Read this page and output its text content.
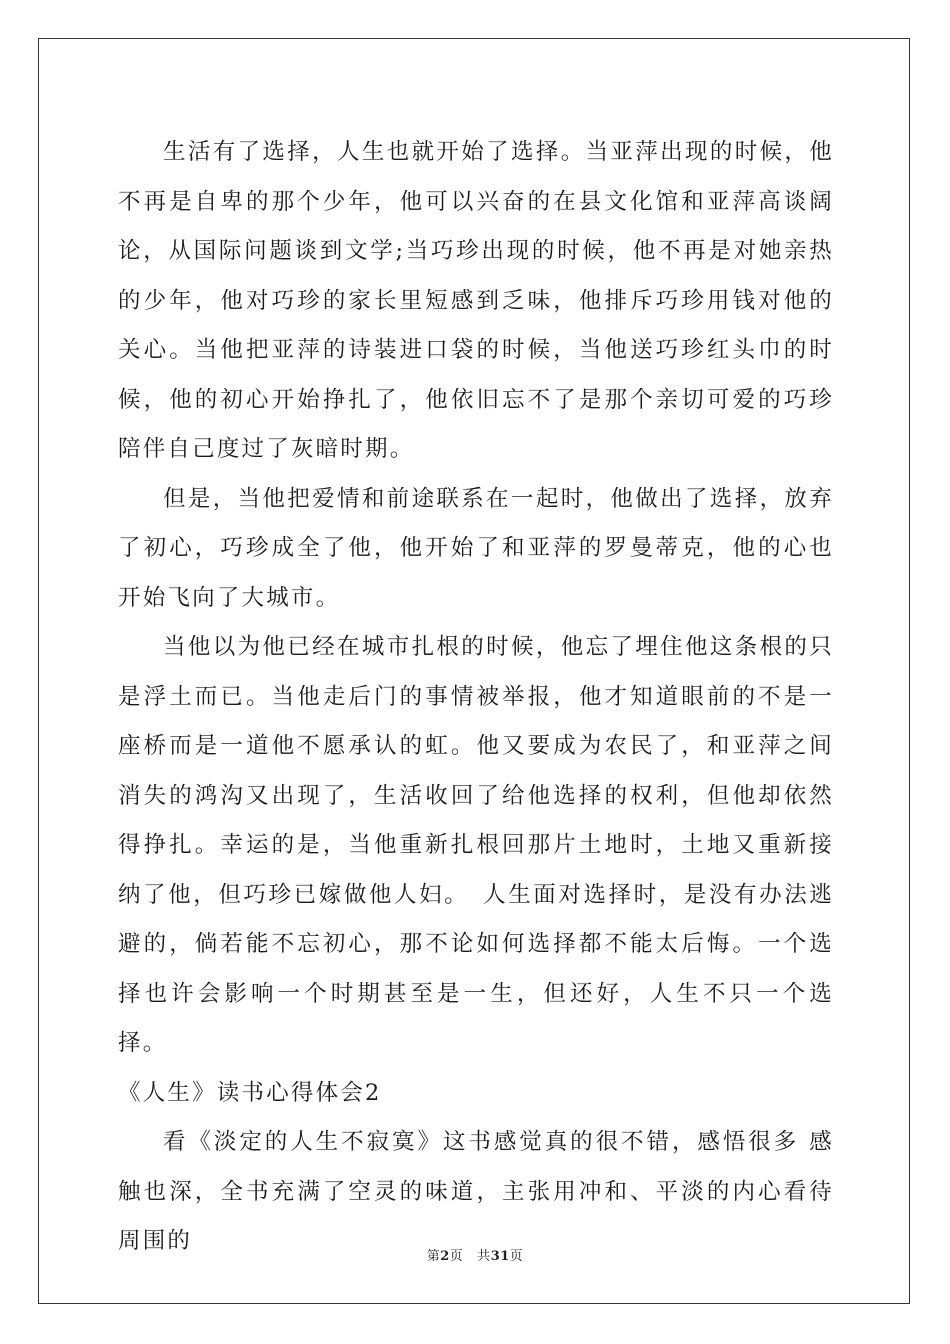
生活有了选择，人生也就开始了选择。当亚萍出现的时候，他不再是自卑的那个少年，他可以兴奋的在县文化馆和亚萍高谈阔论，从国际问题谈到文学;当巧珍出现的时候，他不再是对她亲热的少年，他对巧珍的家长里短感到乏味，他排斥巧珍用钱对他的关心。当他把亚萍的诗装进口袋的时候，当他送巧珍红头巾的时候，他的初心开始挣扎了，他依旧忘不了是那个亲切可爱的巧珍陪伴自己度过了灰暗时期。

但是，当他把爱情和前途联系在一起时，他做出了选择，放弃了初心，巧珍成全了他，他开始了和亚萍的罗曼蒂克，他的心也开始飞向了大城市。

当他以为他已经在城市扎根的时候，他忘了埋住他这条根的只是浮土而已。当他走后门的事情被举报，他才知道眼前的不是一座桥而是一道他不愿承认的虹。他又要成为农民了，和亚萍之间消失的鸿沟又出现了，生活收回了给他选择的权利，但他却依然得挣扎。幸运的是，当他重新扎根回那片土地时，土地又重新接纳了他，但巧珍已嫁做他人妇。　人生面对选择时，是没有办法逃避的，倘若能不忘初心，那不论如何选择都不能太后悔。一个选择也许会影响一个时期甚至是一生，但还好，人生不只一个选择。

《人生》读书心得体会2

看《淡定的人生不寂寞》这书感觉真的很不错，感悟很多 感触也深，全书充满了空灵的味道，主张用冲和、平淡的内心看待周围的

第2页 共31页
